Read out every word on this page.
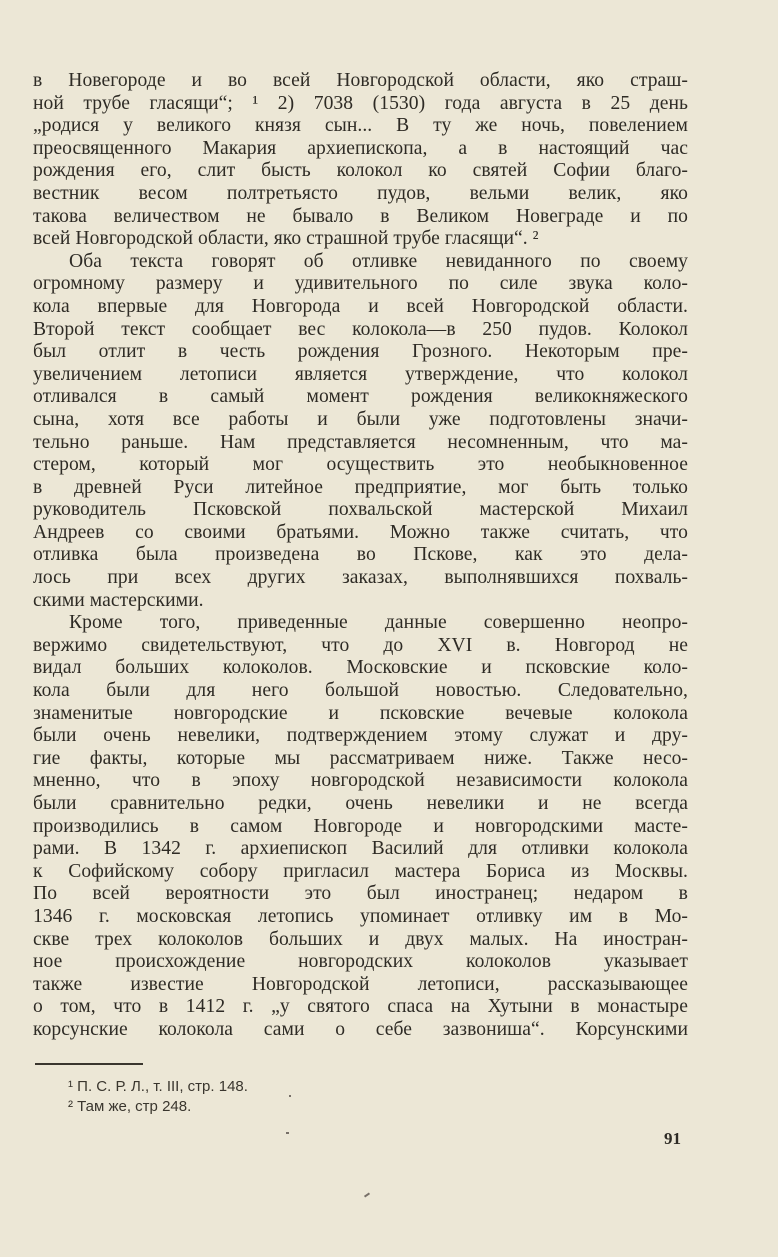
в Новегороде и во всей Новгородской области, яко страш-
ной трубе гласящи“; ¹ 2) 7038 (1530) года августа в 25 день
„родися у великого князя сын... В ту же ночь, повелением
преосвященного Макария архиепископа, а в настоящий час
рождения его, слит бысть колокол ко святей Софии благо-
вестник весом полтретьясто пудов, вельми велик, яко
такова величеством не бывало в Великом Новеграде и по
всей Новгородской области, яко страшной трубе гласящи“. ²
Оба текста говорят об отливке невиданного по своему
огромному размеру и удивительного по силе звука коло-
кола впервые для Новгорода и всей Новгородской области.
Второй текст сообщает вес колокола—в 250 пудов. Колокол
был отлит в честь рождения Грозного. Некоторым пре-
увеличением летописи является утверждение, что колокол
отливался в самый момент рождения великокняжеского
сына, хотя все работы и были уже подготовлены значи-
тельно раньше. Нам представляется несомненным, что ма-
стером, который мог осуществить это необыкновенное
в древней Руси литейное предприятие, мог быть только
руководитель Псковской похвальской мастерской Михаил
Андреев со своими братьями. Можно также считать, что
отливка была произведена во Пскове, как это дела-
лось при всех других заказах, выполнявшихся похваль-
скими мастерскими.
Кроме того, приведенные данные совершенно неопро-
вержимо свидетельствуют, что до XVI в. Новгород не
видал больших колоколов. Московские и псковские коло-
кола были для него большой новостью. Следовательно,
знаменитые новгородские и псковские вечевые колокола
были очень невелики, подтверждением этому служат и дру-
гие факты, которые мы рассматриваем ниже. Также несо-
мненно, что в эпоху новгородской независимости колокола
были сравнительно редки, очень невелики и не всегда
производились в самом Новгороде и новгородскими масте-
рами. В 1342 г. архиепископ Василий для отливки колокола
к Софийскому собору пригласил мастера Бориса из Москвы.
По всей вероятности это был иностранец; недаром в
1346 г. московская летопись упоминает отливку им в Мо-
скве трех колоколов больших и двух малых. На иностран-
ное происхождение новгородских колоколов указывает
также известие Новгородской летописи, рассказывающее
о том, что в 1412 г. „у святого спаса на Хутыни в монастыре
корсунские колокола сами о себе зазвониша“. Корсунскими
¹ П. С. Р. Л., т. III, стр. 148.
² Там же, стр 248.
91
